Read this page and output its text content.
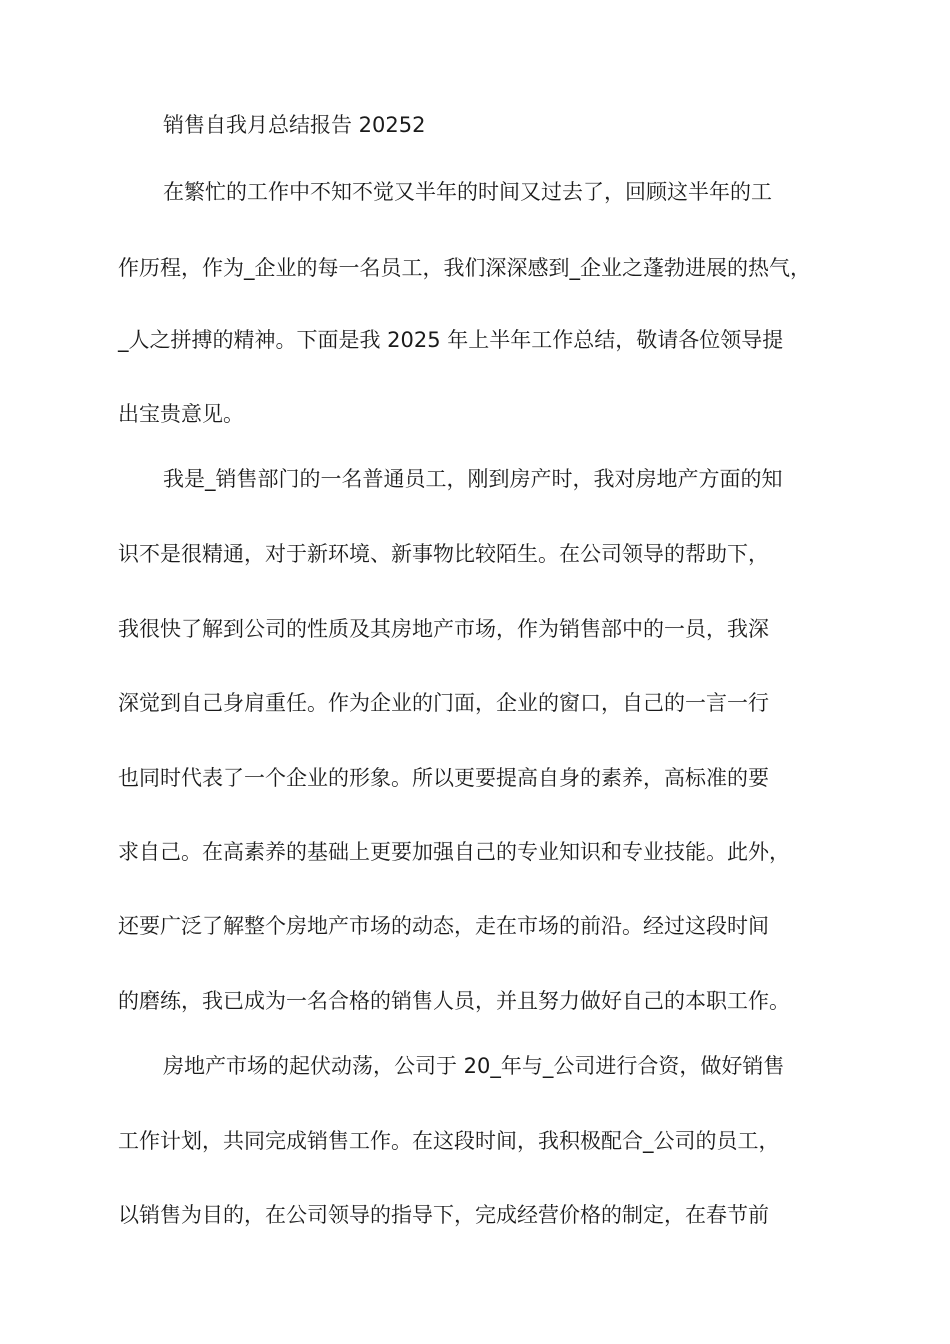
销售自我月总结报告 20252
在繁忙的工作中不知不觉又半年的时间又过去了，回顾这半年的工
作历程，作为_企业的每一名员工，我们深深感到_企业之蓬勃进展的热气，
_人之拼搏的精神。下面是我 2025 年上半年工作总结，敬请各位领导提
出宝贵意见。
我是_销售部门的一名普通员工，刚到房产时，我对房地产方面的知
识不是很精通，对于新环境、新事物比较陌生。在公司领导的帮助下，
我很快了解到公司的性质及其房地产市场，作为销售部中的一员，我深
深觉到自己身肩重任。作为企业的门面，企业的窗口，自己的一言一行
也同时代表了一个企业的形象。所以更要提高自身的素养，高标准的要
求自己。在高素养的基础上更要加强自己的专业知识和专业技能。此外，
还要广泛了解整个房地产市场的动态，走在市场的前沿。经过这段时间
的磨练，我已成为一名合格的销售人员，并且努力做好自己的本职工作。
房地产市场的起伏动荡，公司于 20_年与_公司进行合资，做好销售
工作计划，共同完成销售工作。在这段时间，我积极配合_公司的员工，
以销售为目的，在公司领导的指导下，完成经营价格的制定，在春节前
